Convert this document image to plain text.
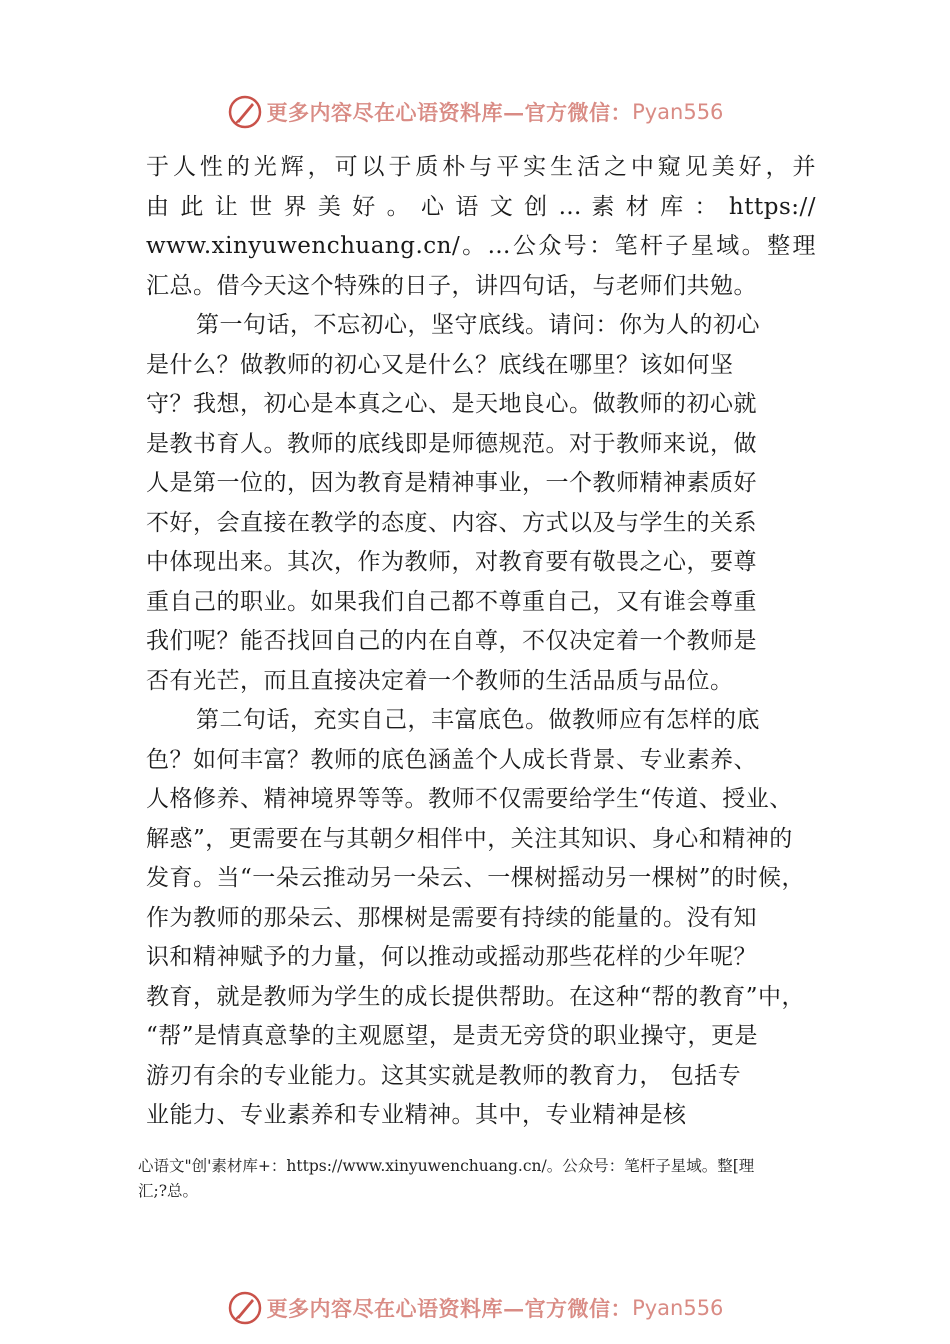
更多内容尽在心语资料库 — 官方微信： Pyan556
于人性的光辉，可以于质朴与平实生活之中窥见美好，并
由 此 让 世 界 美 好 。 心 语 文 创 … 素 材 库 ： https://
www.xinyuwenchuang.cn/。…公众号：笔杆子星域。整理
汇总。借今天这个特殊的日子，讲四句话，与老师们共勉。
第一句话，不忘初心，坚守底线。请问：你为人的初心
是什么？做教师的初心又是什么？底线在哪里？该如何坚
守？我想，初心是本真之心、是天地良心。做教师的初心就
是教书育人。教师的底线即是师德规范。对于教师来说，做
人是第一位的，因为教育是精神事业，一个教师精神素质好
不好，会直接在教学的态度、内容、方式以及与学生的关系
中体现出来。其次，作为教师，对教育要有敬畏之心，要尊
重自己的职业。如果我们自己都不尊重自己，又有谁会尊重
我们呢？能否找回自己的内在自尊，不仅决定着一个教师是
否有光芒，而且直接决定着一个教师的生活品质与品位。
第二句话，充实自己，丰富底色。做教师应有怎样的底
色？如何丰富？教师的底色涵盖个人成长背景、专业素养、
人格修养、精神境界等等。教师不仅需要给学生“传道、授业、
解惑”，更需要在与其朝夕相伴中，关注其知识、身心和精神的
发育。当“一朵云推动另一朵云、一棵树摇动另一棵树”的时候，
作为教师的那朵云、那棵树是需要有持续的能量的。没有知
识和精神赋予的力量，何以推动或摇动那些花样的少年呢？
教育，就是教师为学生的成长提供帮助。在这种“帮的教育”中，
“帮”是情真意挚的主观愿望，是责无旁贷的职业操守，更是
游刃有余的专业能力。这其实就是教师的教育力， 包括专
业能力、专业素养和专业精神。其中，专业精神是核
心语文"创'素材库+：https://www.xinyuwenchuang.cn/。公众号：笔杆子星域。整[理
汇;?总。
更多内容尽在心语资料库 — 官方微信： Pyan556
